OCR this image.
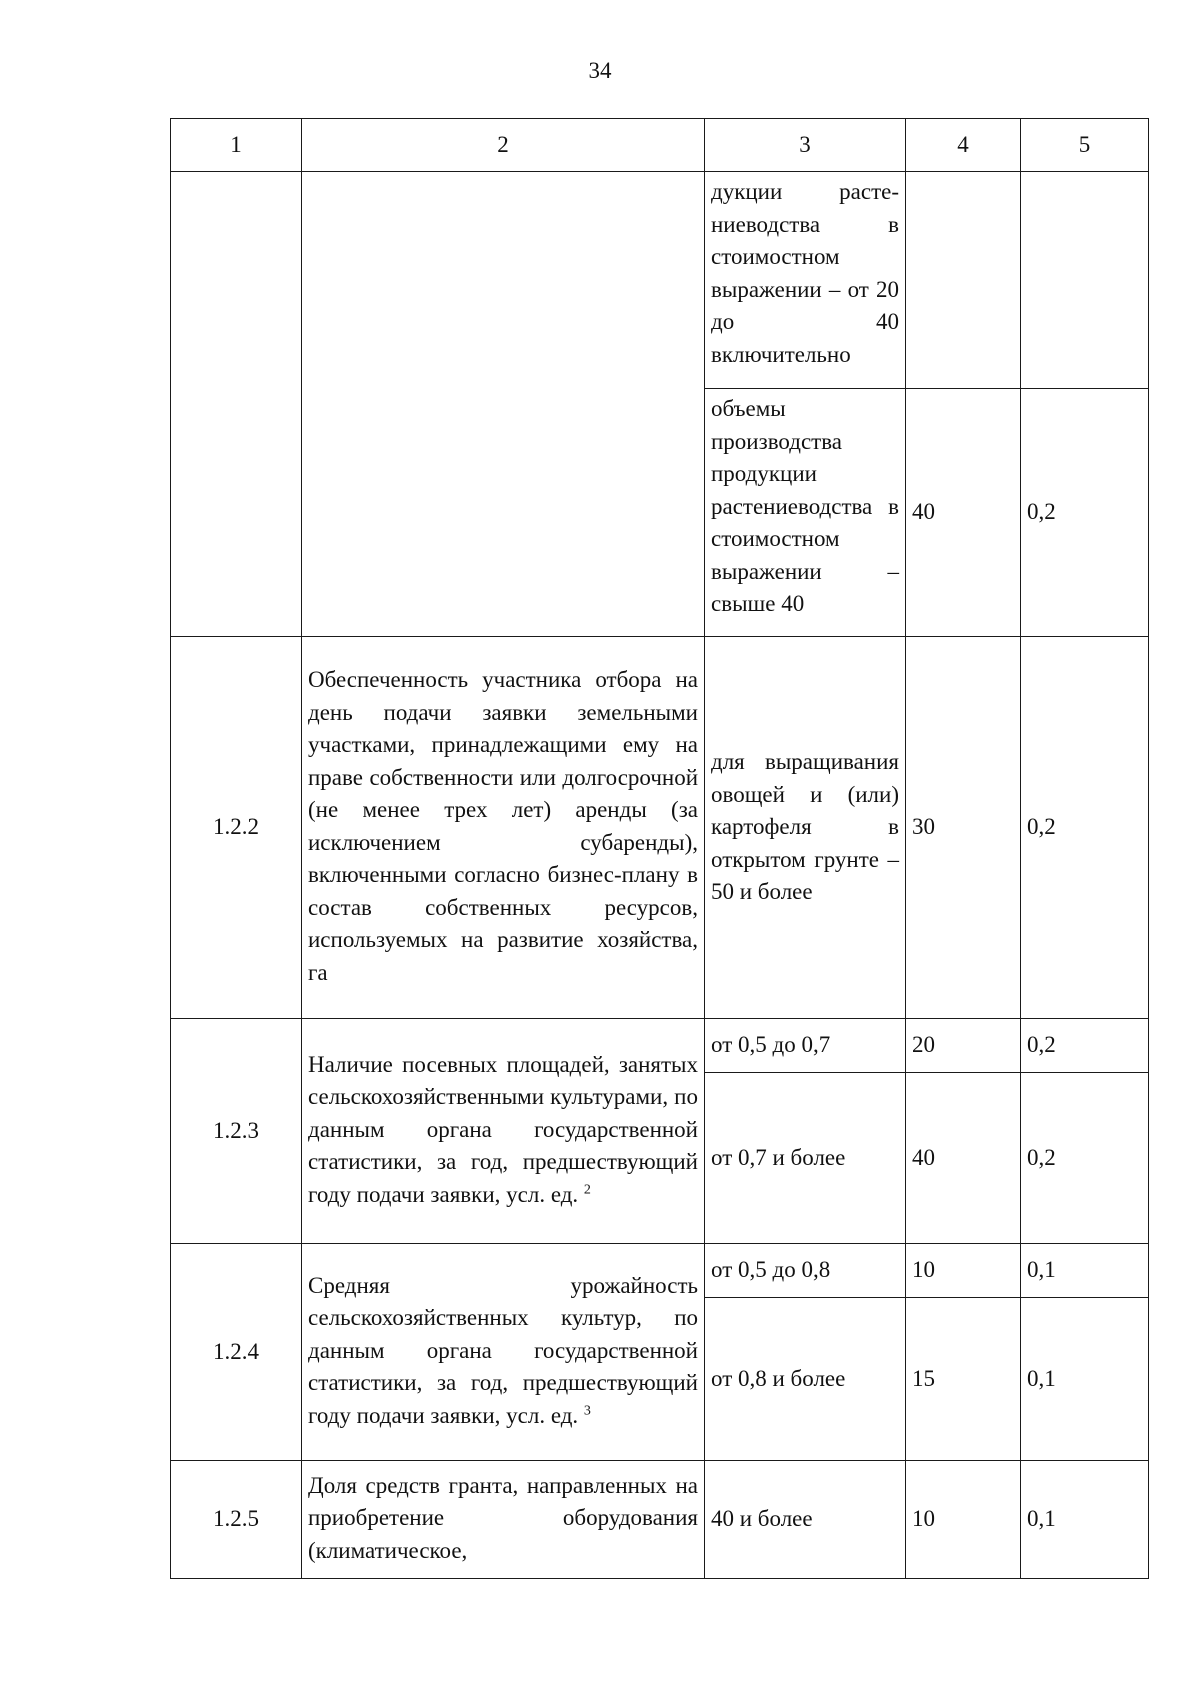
34
1	2	3	4	5

		дукции расте-ниеводства в стоимостном выражении – от 20 до 40 включительно		

		объемы производства продукции растениеводства в стоимостном выражении – свыше 40	40	0,2
1.2.2	Обеспеченность участника отбора на день подачи заявки земельными участками, принадлежащими ему на праве собственности или долгосрочной (не менее трех лет) аренды (за исключением субаренды), включенными согласно бизнес-плану в состав собственных ресурсов, используемых на развитие хозяйства, га	для выращивания овощей и (или) картофеля в открытом грунте – 50 и более	30	0,2
1.2.3	Наличие посевных площадей, занятых сельскохозяйственными культурами, по данным органа государственной статистики, за год, предшествующий году подачи заявки, усл. ед. $^2$	от 0,5 до 0,7	20	0,2
		от 0,7 и более	40	0,2
1.2.4	Средняя урожайность сельскохозяйственных культур, по данным органа государственной статистики, за год, предшествующий году подачи заявки, усл. ед. $^3$	от 0,5 до 0,8	10	0,1
		от 0,8 и более	15	0,1
1.2.5	Доля средств гранта, направленных на приобретение оборудования (климатическое,	40 и более	10	0,1
